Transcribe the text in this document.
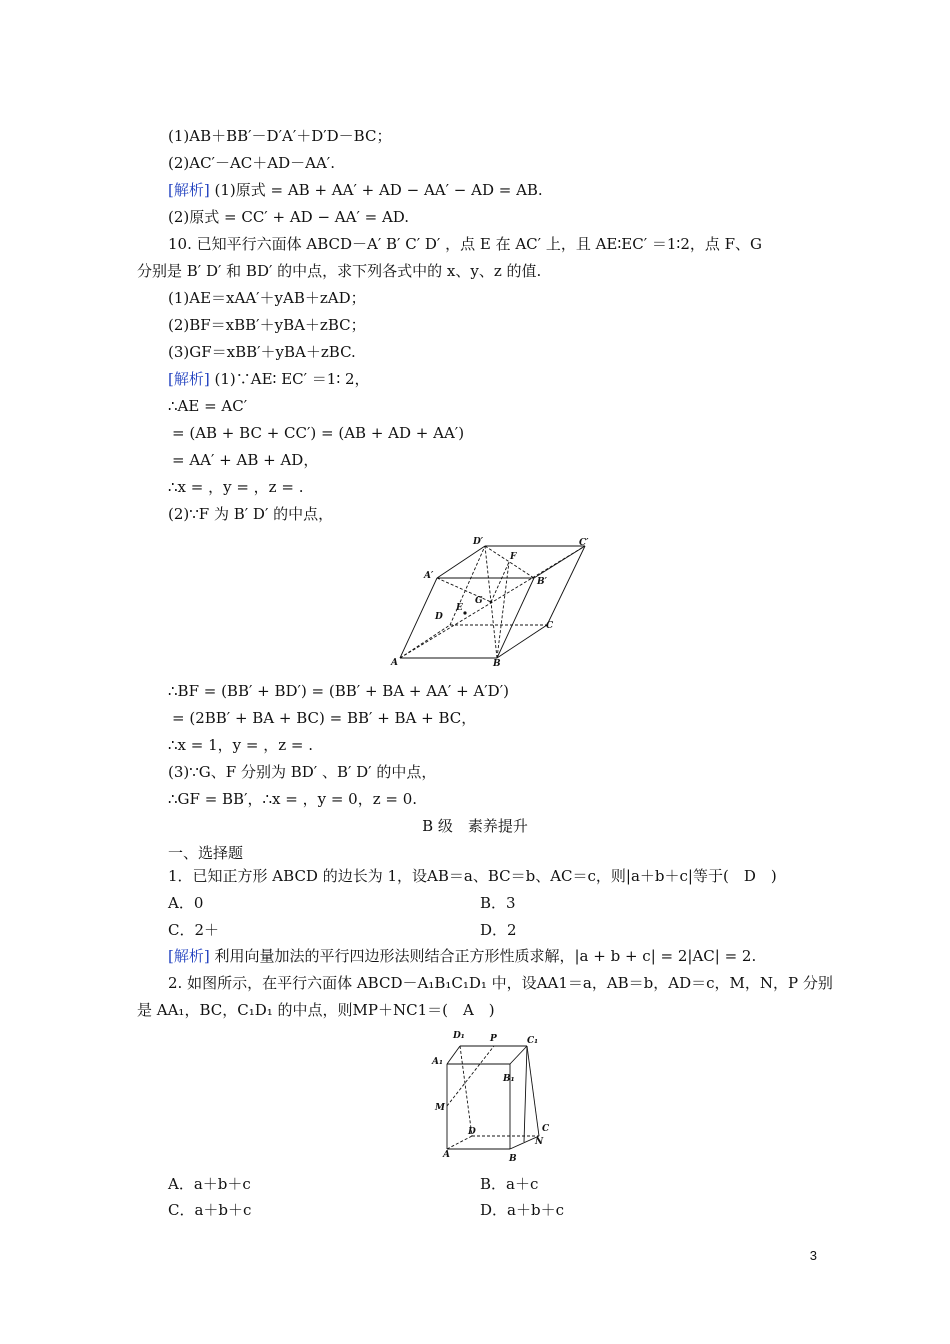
(1)AB＋BB′－D′A′＋D′D－BC；
(2)AC′－AC＋AD－AA′.
[解析] (1)原式 = AB + AA′ + AD − AA′ − AD = AB.
(2)原式 = CC′ + AD − AA′ = AD.
10. 已知平行六面体 ABCD－A′ B′ C′ D′ ，点 E 在 AC′ 上，且 AE∶EC′ ＝1∶2，点 F、G
分别是 B′ D′ 和 BD′ 的中点，求下列各式中的 x、y、z 的值.
(1)AE＝xAA′＋yAB＋zAD；
(2)BF＝xBB′＋yBA＋zBC；
(3)GF＝xBB′＋yBA＋zBC.
[解析] (1)∵AE∶ EC′ ＝1∶ 2，
∴AE = AC′
= (AB + BC + CC′) = (AB + AD + AA′)
= AA′ + AB + AD，
∴x = ，y = ，z = .
(2)∵F 为 B′ D′ 的中点，
∴BF = (BB′ + BD′) = (BB′ + BA + AA′ + A′D′)
= (2BB′ + BA + BC) = BB′ + BA + BC，
∴x = 1，y = ，z = .
(3)∵G、F 分别为 BD′ 、B′ D′ 的中点，
∴GF = BB′，∴x = ，y = 0，z = 0.
一、选择题
1．已知正方形 ABCD 的边长为 1，设AB＝a、BC＝b、AC＝c，则|a＋b＋c|等于(　D　)
A．0	B．3
C．2＋	D．2
[解析] 利用向量加法的平行四边形法则结合正方形性质求解，|a + b + c| = 2|AC| = 2.
2. 如图所示，在平行六面体 ABCD－A₁B₁C₁D₁ 中，设AA1＝a，AB＝b，AD＝c，M，N，P 分别
是 AA₁，BC，C₁D₁ 的中点，则MP＋NC1＝(　A　)
A．a＋b＋c	B．a＋c
C．a＋b＋c	D．a＋b＋c
B 级　素养提升
D′
F
C′
A′
B′
G
D
E
C
A	B
D₁	P	C₁
A₁
B₁
M
D	C
N
A	B
3
